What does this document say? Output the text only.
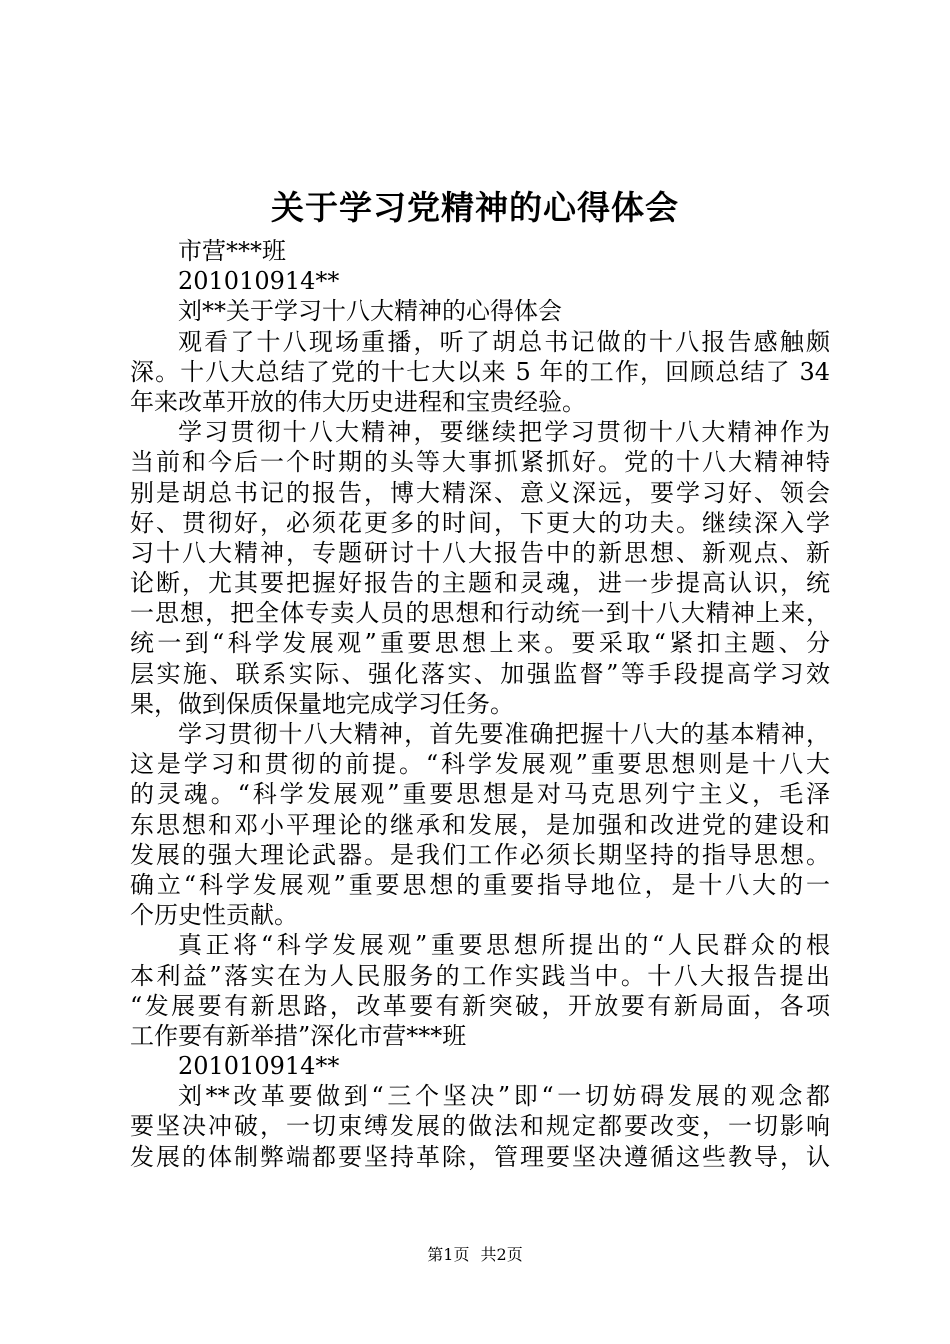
关于学习党精神的心得体会
市营***班
201010914**
刘**关于学习十八大精神的心得体会
观看了十八现场重播，听了胡总书记做的十八报告感触颇
深。十八大总结了党的十七大以来 5 年的工作，回顾总结了 34
年来改革开放的伟大历史进程和宝贵经验。
学习贯彻十八大精神，要继续把学习贯彻十八大精神作为
当前和今后一个时期的头等大事抓紧抓好。党的十八大精神特
别是胡总书记的报告，博大精深、意义深远，要学习好、领会
好、贯彻好，必须花更多的时间，下更大的功夫。继续深入学
习十八大精神，专题研讨十八大报告中的新思想、新观点、新
论断，尤其要把握好报告的主题和灵魂，进一步提高认识，统
一思想，把全体专卖人员的思想和行动统一到十八大精神上来，
统一到“科学发展观”重要思想上来。要采取“紧扣主题、分
层实施、联系实际、强化落实、加强监督”等手段提高学习效
果，做到保质保量地完成学习任务。
学习贯彻十八大精神，首先要准确把握十八大的基本精神，
这是学习和贯彻的前提。“科学发展观”重要思想则是十八大
的灵魂。“科学发展观”重要思想是对马克思列宁主义，毛泽
东思想和邓小平理论的继承和发展，是加强和改进党的建设和
发展的强大理论武器。是我们工作必须长期坚持的指导思想。
确立“科学发展观”重要思想的重要指导地位，是十八大的一
个历史性贡献。
真正将“科学发展观”重要思想所提出的“人民群众的根
本利益”落实在为人民服务的工作实践当中。十八大报告提出
“发展要有新思路，改革要有新突破，开放要有新局面，各项
工作要有新举措”深化市营***班
201010914**
刘**改革要做到“三个坚决”即“一切妨碍发展的观念都
要坚决冲破，一切束缚发展的做法和规定都要改变，一切影响
发展的体制弊端都要坚持革除，管理要坚决遵循这些教导，认
第1页 共2页
